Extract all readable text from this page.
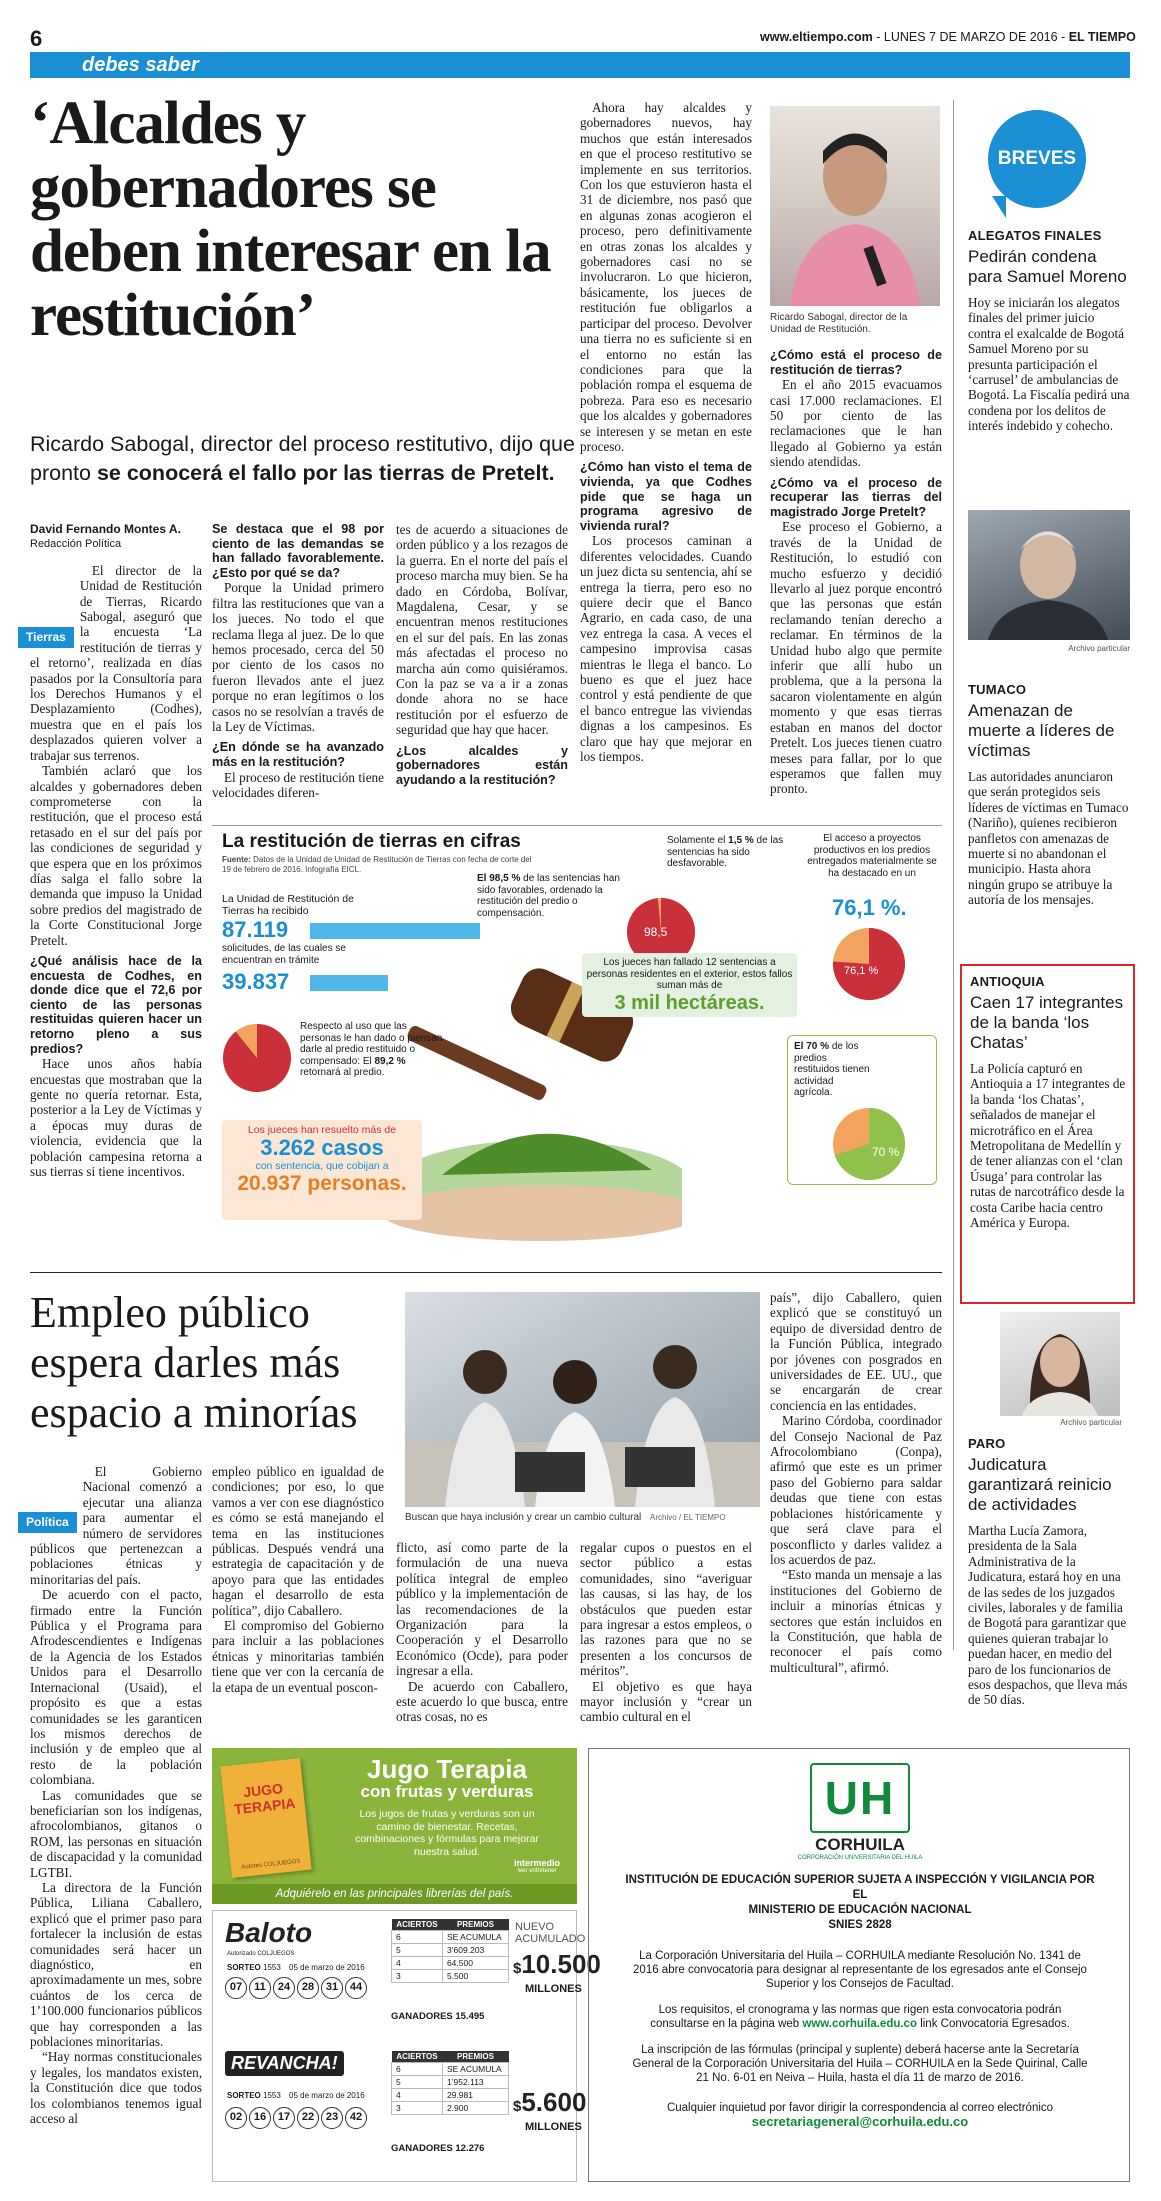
6	www.eltiempo.com - LUNES 7 DE MARZO DE 2016 - EL TIEMPO
debes saber
‘Alcaldes y gobernadores se deben interesar en la restitución’
Ricardo Sabogal, director del proceso restitutivo, dijo que pronto se conocerá el fallo por las tierras de Pretelt.
David Fernando Montes A.
Redacción Política

Tierras
El director de la Unidad de Restitución de Tierras, Ricardo Sabogal, aseguró que la encuesta ‘La restitución de tierras y el retorno’, realizada en días pasados por la Consultoría para los Derechos Humanos y el Desplazamiento (Codhes), muestra que en el país los desplazados quieren volver a trabajar sus terrenos.

También aclaró que los alcaldes y gobernadores deben comprometerse con la restitución, que el proceso está retasado en el sur del país por las condiciones de seguridad y que espera que en los próximos días salga el fallo sobre la demanda que impuso la Unidad sobre predios del magistrado de la Corte Constitucional Jorge Pretelt.

¿Qué análisis hace de la encuesta de Codhes, en donde dice que el 72,6 por ciento de las personas restituidas quieren hacer un retorno pleno a sus predios?

Hace unos años había encuestas que mostraban que la gente no quería retornar. Esta, posterior a la Ley de Víctimas y a épocas muy duras de violencia, evidencia que la población campesina retorna a sus tierras si tiene incentivos.

Se destaca que el 98 por ciento de las demandas se han fallado favorablemente. ¿Esto por qué se da?

Porque la Unidad primero filtra las restituciones que van a los jueces. No todo el que reclama llega al juez. De lo que hemos procesado, cerca del 50 por ciento de los casos no fueron llevados ante el juez porque no eran legítimos o los casos no se resolvían a través de la Ley de Víctimas.

¿En dónde se ha avanzado más en la restitución?

El proceso de restitución tiene velocidades diferen-

tes de acuerdo a situaciones de orden público y a los rezagos de la guerra. En el norte del país el proceso marcha muy bien. Se ha dado en Córdoba, Bolívar, Magdalena, Cesar, y se encuentran menos restituciones en el sur del país. En las zonas más afectadas el proceso no marcha aún como quisiéramos. Con la paz se va a ir a zonas donde ahora no se hace restitución por el esfuerzo de seguridad que hay que hacer.

¿Los alcaldes y gobernadores están ayudando a la restitución?

Ahora hay alcaldes y gobernadores nuevos, hay muchos que están interesados en que el proceso restitutivo se implemente en sus territorios. Con los que estuvieron hasta el 31 de diciembre, nos pasó que en algunas zonas acogieron el proceso, pero definitivamente en otras zonas los alcaldes y gobernadores casi no se involucraron. Lo que hicieron, básicamente, los jueces de restitución fue obligarlos a participar del proceso. Devolver una tierra no es suficiente si en el entorno no están las condiciones para que la población rompa el esquema de pobreza. Para eso es necesario que los alcaldes y gobernadores se interesen y se metan en este proceso.

¿Cómo han visto el tema de vivienda, ya que Codhes pide que se haga un programa agresivo de vivienda rural?

Los procesos caminan a diferentes velocidades. Cuando un juez dicta su sentencia, ahí se entrega la tierra, pero eso no quiere decir que el Banco Agrario, en cada caso, de una vez entrega la casa. A veces el campesino improvisa casas mientras le llega el banco. Lo bueno es que el juez hace control y está pendiente de que el banco entregue las viviendas dignas a los campesinos. Es claro que hay que mejorar en los tiempos.

Ricardo Sabogal, director de la Unidad de Restitución.

¿Cómo está el proceso de restitución de tierras?

En el año 2015 evacuamos casi 17.000 reclamaciones. El 50 por ciento de las reclamaciones que le han llegado al Gobierno ya están siendo atendidas.

¿Cómo va el proceso de recuperar las tierras del magistrado Jorge Pretelt?

Ese proceso el Gobierno, a través de la Unidad de Restitución, lo estudió con mucho esfuerzo y decidió llevarlo al juez porque encontró que las personas que están reclamando tenían derecho a reclamar. En términos de la Unidad hubo algo que permite inferir que allí hubo un problema, que a la persona la sacaron violentamente en algún momento y que esas tierras estaban en manos del doctor Pretelt. Los jueces tienen cuatro meses para fallar, por lo que esperamos que fallen muy pronto.

La restitución de tierras en cifras
Fuente: Datos de la Unidad de Unidad de Restitución de Tierras con fecha de corte del 19 de febrero de 2016. Infografía EICL.
La Unidad de Restitución de Tierras ha recibido
87.119
solicitudes, de las cuales se encuentran en trámite
39.837
Respecto al uso que las personas le han dado o piensan darle al predio restituido o compensado: El 89,2 % retornará al predio.
Los jueces han resuelto más de
3.262 casos
con sentencia, que cobijan a
20.937 personas.
El 98,5 % de las sentencias han sido favorables, ordenado la restitución del predio o compensación.
98,5
Solamente el 1,5 % de las sentencias ha sido desfavorable.
Los jueces han fallado 12 sentencias a personas residentes en el exterior, estos fallos suman más de
3 mil hectáreas.
El acceso a proyectos productivos en los predios entregados materialmente se ha destacado en un
76,1 %.
76,1 %
El 70 % de los predios restituidos tienen actividad agrícola.
70 %
BREVES
ALEGATOS FINALES
Pedirán condena para Samuel Moreno
Hoy se iniciarán los alegatos finales del primer juicio contra el exalcalde de Bogotá Samuel Moreno por su presunta participación el ‘carrusel’ de ambulancias de Bogotá. La Fiscalía pedirá una condena por los delitos de interés indebido y cohecho.
Archivo particular
TUMACO
Amenazan de muerte a líderes de víctimas
Las autoridades anunciaron que serán protegidos seis líderes de víctimas en Tumaco (Nariño), quienes recibieron panfletos con amenazas de muerte si no abandonan el municipio. Hasta ahora ningún grupo se atribuye la autoría de los mensajes.
ANTIOQUIA
Caen 17 integrantes de la banda ‘los Chatas’
La Policía capturó en Antioquia a 17 integrantes de la banda ‘los Chatas’, señalados de manejar el microtráfico en el Área Metropolitana de Medellín y de tener alianzas con el ‘clan Úsuga’ para controlar las rutas de narcotráfico desde la costa Caribe hacia centro América y Europa.
Archivo particular
PARO
Judicatura garantizará reinicio de actividades
Martha Lucía Zamora, presidenta de la Sala Administrativa de la Judicatura, estará hoy en una de las sedes de los juzgados civiles, laborales y de familia de Bogotá para garantizar que quienes quieran trabajar lo puedan hacer, en medio del paro de los funcionarios de esos despachos, que lleva más de 50 días.
Empleo público espera darles más espacio a minorías
Buscan que haya inclusión y crear un cambio cultural Archivo / EL TIEMPO

Política
El Gobierno Nacional comenzó a ejecutar una alianza para aumentar el número de servidores públicos que pertenezcan a poblaciones étnicas y minoritarias del país.

De acuerdo con el pacto, firmado entre la Función Pública y el Programa para Afrodescendientes e Indígenas de la Agencia de los Estados Unidos para el Desarrollo Internacional (Usaid), el propósito es que a estas comunidades se les garanticen los mismos derechos de inclusión y de empleo que al resto de la población colombiana.

Las comunidades que se beneficiarían son los indígenas, afrocolombianos, gitanos o ROM, las personas en situación de discapacidad y la comunidad LGTBI.

La directora de la Función Pública, Liliana Caballero, explicó que el primer paso para fortalecer la inclusión de estas comunidades será hacer un diagnóstico, en aproximadamente un mes, sobre cuántos de los cerca de 1’100.000 funcionarios públicos que hay corresponden a las poblaciones minoritarias.

“Hay normas constitucionales y legales, los mandatos existen, la Constitución dice que todos los colombianos tenemos igual acceso al

empleo público en igualdad de condiciones; por eso, lo que vamos a ver con ese diagnóstico es cómo se está manejando el tema en las instituciones públicas. Después vendrá una estrategia de capacitación y de apoyo para que las entidades hagan el desarrollo de esta política”, dijo Caballero.

El compromiso del Gobierno para incluir a las poblaciones étnicas y minoritarias también tiene que ver con la cercanía de la etapa de un eventual poscon-

flicto, así como parte de la formulación de una nueva política integral de empleo público y la implementación de las recomendaciones de la Organización para la Cooperación y el Desarrollo Económico (Ocde), para poder ingresar a ella.

De acuerdo con Caballero, este acuerdo lo que busca, entre otras cosas, no es

regalar cupos o puestos en el sector público a estas comunidades, sino “averiguar las causas, si las hay, de los obstáculos que pueden estar para ingresar a estos empleos, o las razones para que no se presenten a los concursos de méritos”.

El objetivo es que haya mayor inclusión y “crear un cambio cultural en el

país”, dijo Caballero, quien explicó que se constituyó un equipo de diversidad dentro de la Función Pública, integrado por jóvenes con posgrados en universidades de EE. UU., que se encargarán de crear conciencia en las entidades.

Marino Córdoba, coordinador del Consejo Nacional de Paz Afrocolombiano (Conpa), afirmó que este es un primer paso del Gobierno para saldar deudas que tiene con estas poblaciones históricamente y que será clave para el posconflicto y darles validez a los acuerdos de paz.

“Esto manda un mensaje a las instituciones del Gobierno de incluir a minorías étnicas y sectores que están incluidos en la Constitución, que habla de reconocer el país como multicultural”, afirmó.

JUGO TERAPIA
Autores COLJUEGOS
Jugo Terapia
con frutas y verduras
Los jugos de frutas y verduras son un camino de bienestar. Recetas, combinaciones y fórmulas para mejorar nuestra salud.
intermedio
leer entretener
Adquiérelo en las principales librerías del país.
Baloto
Autorizado COLJUEGOS
SORTEO 1553 05 de marzo de 2016
07 11 24 28 31 44
ACIERTOS	PREMIOS
6	SE ACUMULA
5	3’609.203
4	64.500
3	5.500
GANADORES 15.495
NUEVO ACUMULADO
$10.500
MILLONES
REVANCHA!
SORTEO 1553 05 de marzo de 2016
02 16 17 22 23 42
ACIERTOS	PREMIOS
6	SE ACUMULA
5	1’952.113
4	29.981
3	2.900
GANADORES 12.276
$5.600
MILLONES
UH
CORHUILA
CORPORACIÓN UNIVERSITARIA DEL HUILA
INSTITUCIÓN DE EDUCACIÓN SUPERIOR SUJETA A INSPECCIÓN Y VIGILANCIA POR EL
MINISTERIO DE EDUCACIÓN NACIONAL
SNIES 2828

La Corporación Universitaria del Huila – CORHUILA mediante Resolución No. 1341 de 2016 abre convocatoria para designar al representante de los egresados ante el Consejo Superior y los Consejos de Facultad.

Los requisitos, el cronograma y las normas que rigen esta convocatoria podrán consultarse en la página web www.corhuila.edu.co link Convocatoria Egresados.

La inscripción de las fórmulas (principal y suplente) deberá hacerse ante la Secretaría General de la Corporación Universitaria del Huila – CORHUILA en la Sede Quirinal, Calle 21 No. 6-01 en Neiva – Huila, hasta el día 11 de marzo de 2016.

Cualquier inquietud por favor dirigir la correspondencia al correo electrónico

secretariageneral@corhuila.edu.co
